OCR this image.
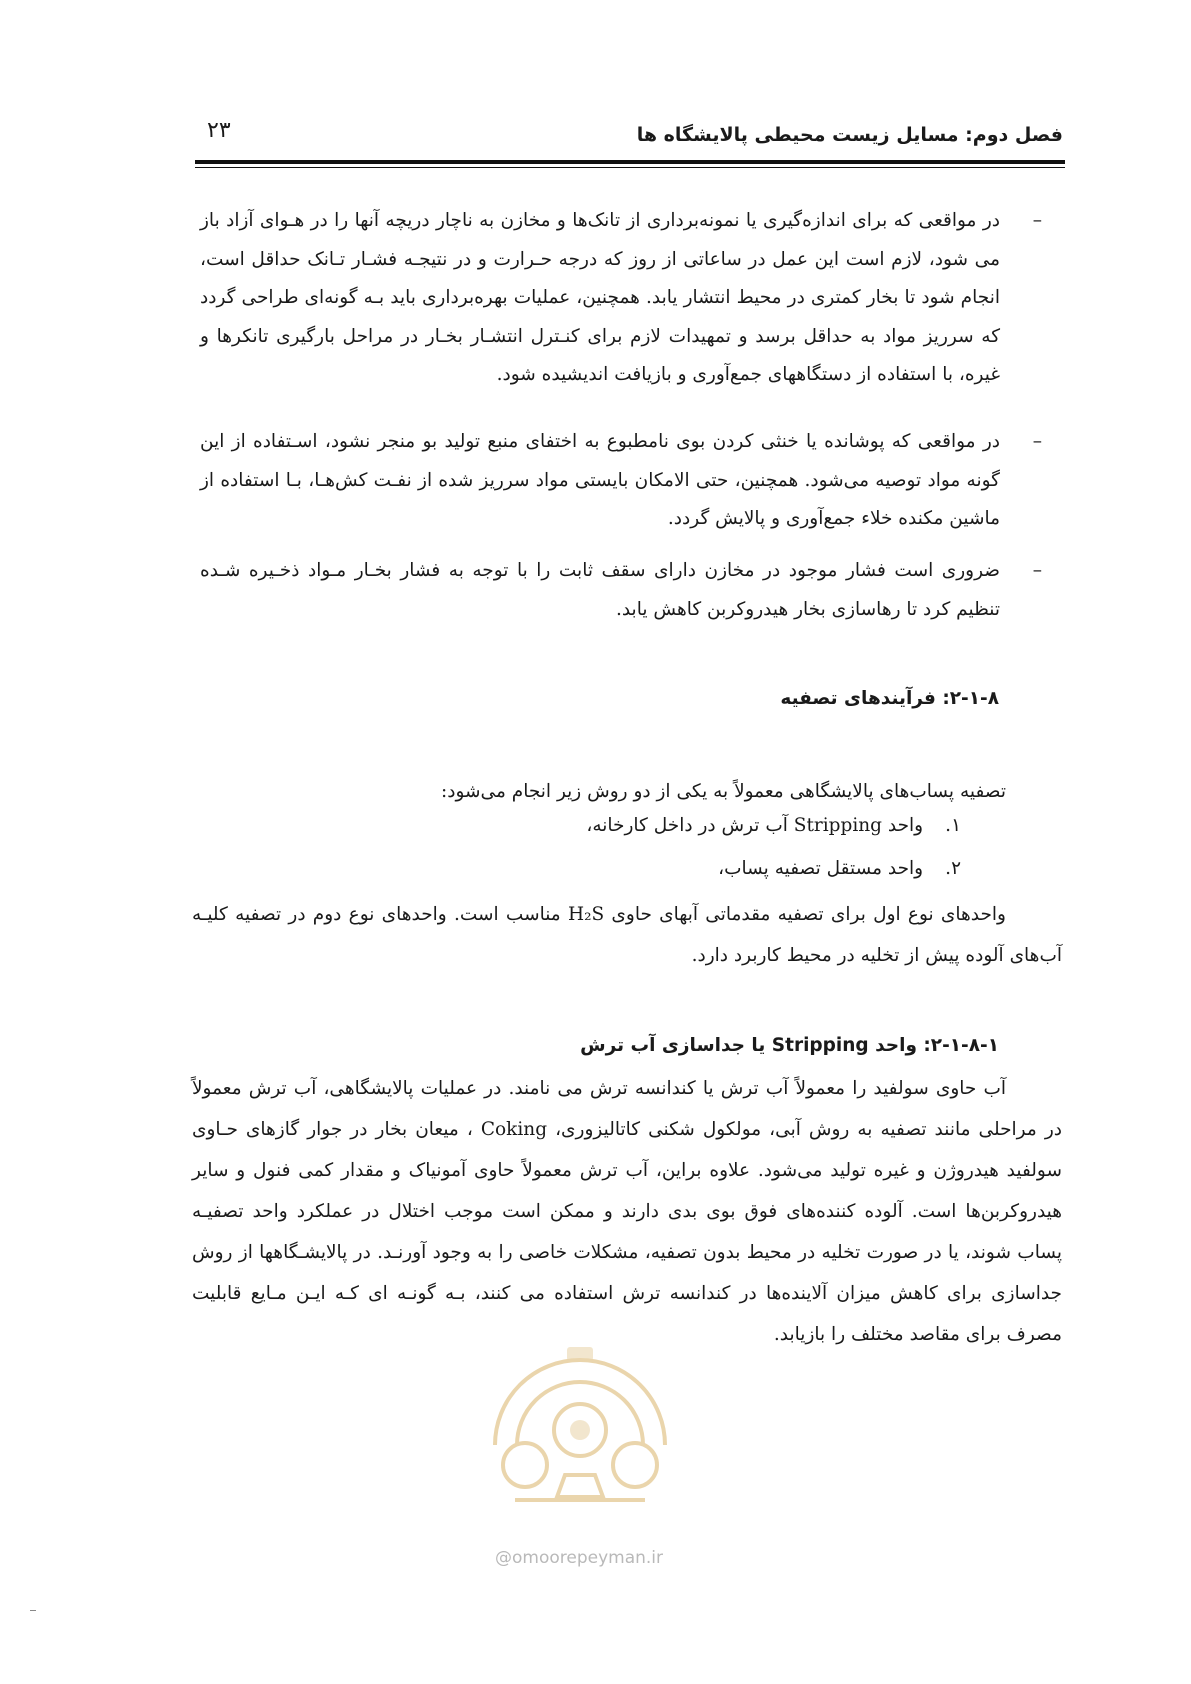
فصل دوم: مسایل زیست محیطی پالایشگاه ها
۲۳
–
در مواقعی که برای اندازه‌گیری یا نمونه‌برداری از تانک‌ها و مخازن به ناچار دریچه آنها را در هـوای آزاد باز می شود، لازم است این عمل در ساعاتی از روز که درجه حـرارت و در نتیجـه فشـار تـانک حداقل است، انجام شود تا بخار کمتری در محیط انتشار یابد. همچنین، عملیات بهره‌برداری باید بـه گونه‌ای طراحی گردد که سرریز مواد به حداقل برسد و تمهیدات لازم برای کنـترل انتشـار بخـار در مراحل بارگیری تانکرها و غیره، با استفاده از دستگاههای جمع‌آوری و بازیافت اندیشیده شود.
–
در مواقعی که پوشانده یا خنثی کردن بوی نامطبوع به اختفای منبع تولید بو منجر نشود، اسـتفاده از این گونه مواد توصیه می‌شود. همچنین، حتی الامکان بایستی مواد سرریز شده از نفـت کش‌هـا، بـا استفاده از ماشین مکنده خلاء جمع‌آوری و پالایش گردد.
–
ضروری است فشار موجود در مخازن دارای سقف ثابت را با توجه به فشار بخـار مـواد ذخـیره شـده تنظیم کرد تا رهاسازی بخار هیدروکربن کاهش یابد.
۲-۱-۸: فرآیندهای تصفیه
تصفیه پساب‌های پالایشگاهی معمولاً به یکی از دو روش زیر انجام می‌شود:
۱. واحد Stripping آب ترش در داخل کارخانه،
۲. واحد مستقل تصفیه پساب،
واحدهای نوع اول برای تصفیه مقدماتی آبهای حاوی H₂S مناسب است. واحدهای نوع دوم در تصفیه کلیـه آب‌های آلوده پیش از تخلیه در محیط کاربرد دارد.
۲-۱-۸-۱: واحد Stripping یا جداسازی آب ترش
آب حاوی سولفید را معمولاً آب ترش یا کندانسه ترش می نامند. در عملیات پالایشگاهی، آب ترش معمولاً در مراحلی مانند تصفیه به روش آبی، مولکول شکنی کاتالیزوری، Coking ، میعان بخار در جوار گازهای حـاوی سولفید هیدروژن و غیره تولید می‌شود. علاوه براین، آب ترش معمولاً حاوی آمونیاک و مقدار کمی فنول و سایر هیدروکربن‌ها است. آلوده کننده‌های فوق بوی بدی دارند و ممکن است موجب اختلال در عملکرد واحد تصفیـه پساب شوند، یا در صورت تخلیه در محیط بدون تصفیه، مشکلات خاصی را به وجود آورنـد. در پالایشـگاهها از روش جداسازی برای کاهش میزان آلاینده‌ها در کندانسه ترش استفاده می کنند، بـه گونـه ای کـه ایـن مـایع قابلیت مصرف برای مقاصد مختلف را بازیابد.
@omoorepeyman.ir
